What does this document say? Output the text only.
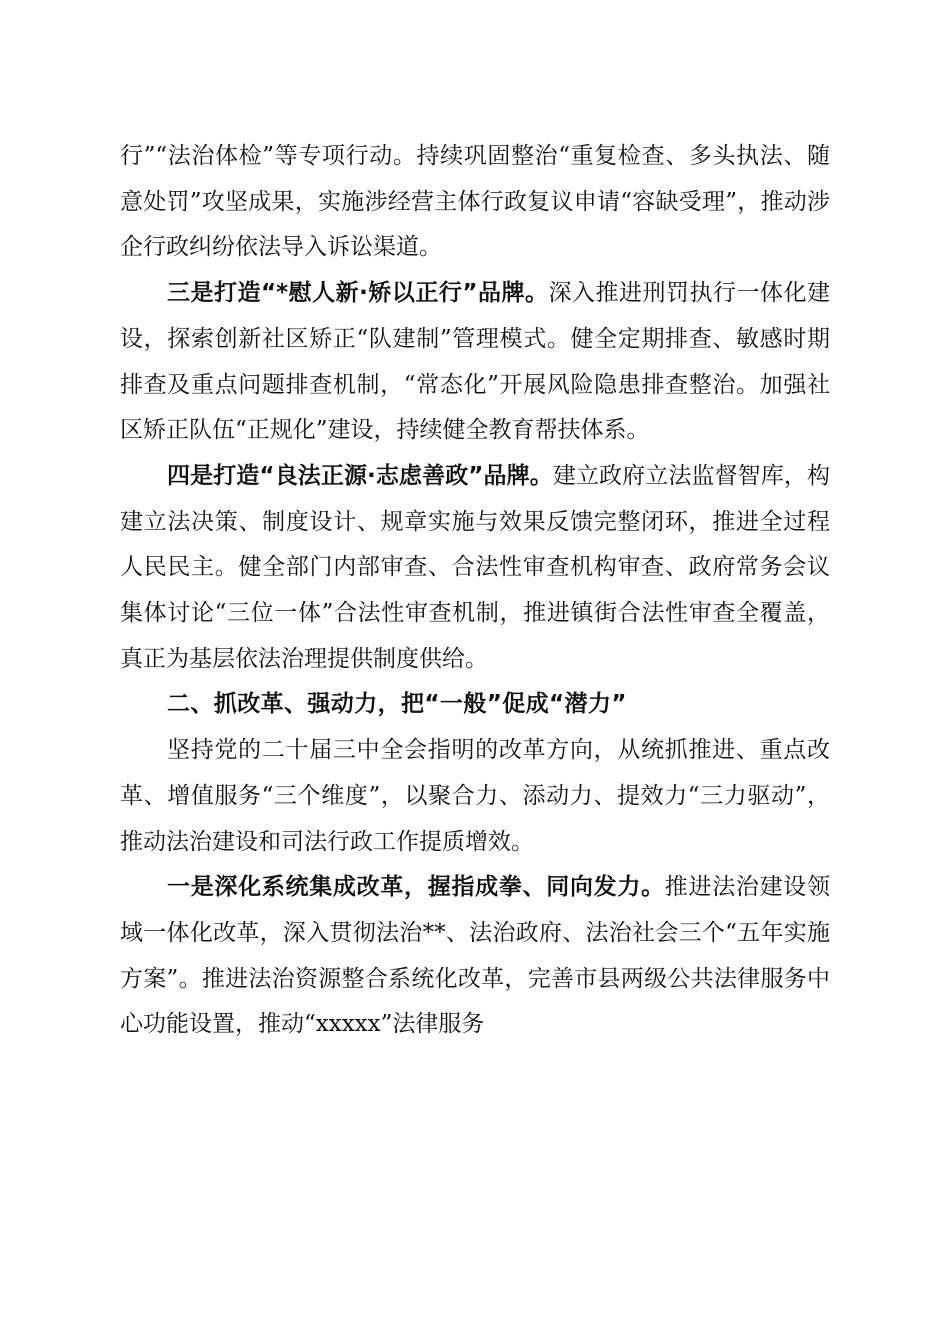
行”“法治体检”等专项行动。持续巩固整治“重复检查、多头执法、随意处罚”攻坚成果，实施涉经营主体行政复议申请“容缺受理”，推动涉企行政纠纷依法导入诉讼渠道。

三是打造“*慰人新·矫以正行”品牌。深入推进刑罚执行一体化建设，探索创新社区矫正“队建制”管理模式。健全定期排查、敏感时期排查及重点问题排查机制，“常态化”开展风险隐患排查整治。加强社区矫正队伍“正规化”建设，持续健全教育帮扶体系。

四是打造“良法正源·志虑善政”品牌。建立政府立法监督智库，构建立法决策、制度设计、规章实施与效果反馈完整闭环，推进全过程人民民主。健全部门内部审查、合法性审查机构审查、政府常务会议集体讨论“三位一体”合法性审查机制，推进镇街合法性审查全覆盖，真正为基层依法治理提供制度供给。

二、抓改革、强动力，把“一般”促成“潜力”

坚持党的二十届三中全会指明的改革方向，从统抓推进、重点改革、增值服务“三个维度”，以聚合力、添动力、提效力“三力驱动”，推动法治建设和司法行政工作提质增效。

一是深化系统集成改革，握指成拳、同向发力。推进法治建设领域一体化改革，深入贯彻法治**、法治政府、法治社会三个“五年实施方案”。推进法治资源整合系统化改革，完善市县两级公共法律服务中心功能设置，推动“xxxxx”法律服务
